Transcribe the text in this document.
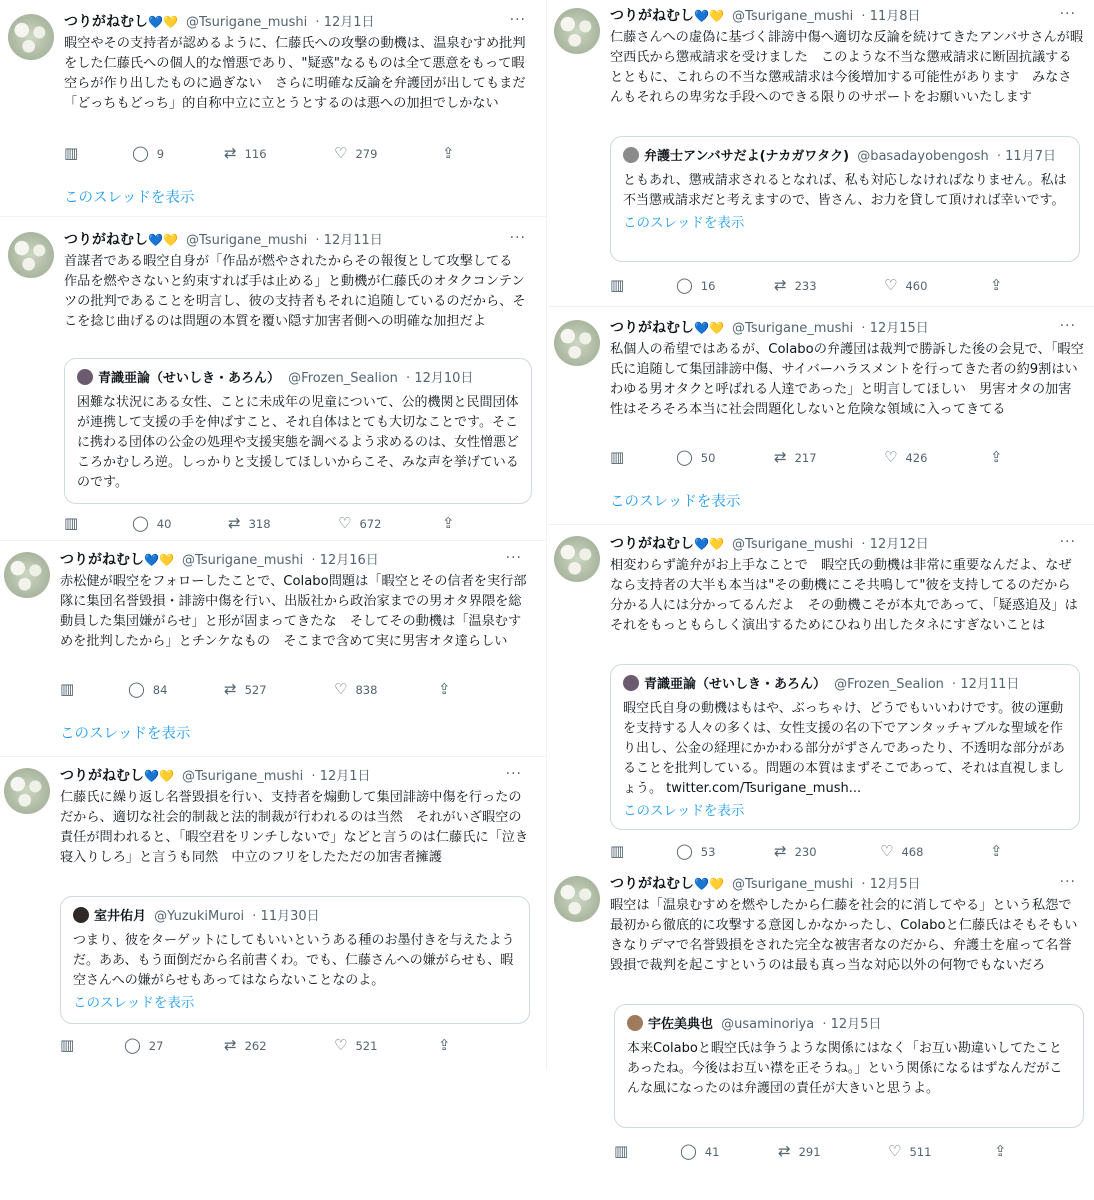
つりがねむし💙💛 @Tsurigane_mushi · 12月1日	···
暇空やその支持者が認めるように、仁藤氏への攻撃の動機は、温泉むすめ批判をした仁藤氏への個人的な憎悪であり、"疑惑"なるものは全て悪意をもって暇空らが作り出したものに過ぎない　さらに明確な反論を弁護団が出してもまだ「どっちもどっち」的自称中立に立とうとするのは悪への加担でしかない
▥	◯ 9	⇄ 116	♡ 279	⇪
このスレッドを表示
つりがねむし💙💛 @Tsurigane_mushi · 12月11日	···
首謀者である暇空自身が「作品が燃やされたからその報復として攻撃してる　作品を燃やさないと約束すれば手は止める」と動機が仁藤氏のオタクコンテンツの批判であることを明言し、彼の支持者もそれに追随しているのだから、そこを捻じ曲げるのは問題の本質を覆い隠す加害者側への明確な加担だよ
青識亜論（せいしき・あろん） @Frozen_Sealion · 12月10日
困難な状況にある女性、ことに未成年の児童について、公的機関と民間団体が連携して支援の手を伸ばすこと、それ自体はとても大切なことです。そこに携わる団体の公金の処理や支援実態を調べるよう求めるのは、女性憎悪どころかむしろ逆。しっかりと支援してほしいからこそ、みな声を挙げているのです。
▥	◯ 40	⇄ 318	♡ 672	⇪
つりがねむし💙💛 @Tsurigane_mushi · 12月16日	···
赤松健が暇空をフォローしたことで、Colabo問題は「暇空とその信者を実行部隊に集団名誉毀損・誹謗中傷を行い、出版社から政治家までの男オタ界隈を総動員した集団嫌がらせ」と形が固まってきたな　そしてその動機は「温泉むすめを批判したから」とチンケなもの　そこまで含めて実に男害オタ達らしい
▥	◯ 84	⇄ 527	♡ 838	⇪
このスレッドを表示
つりがねむし💙💛 @Tsurigane_mushi · 12月1日	···
仁藤氏に繰り返し名誉毀損を行い、支持者を煽動して集団誹謗中傷を行ったのだから、適切な社会的制裁と法的制裁が行われるのは当然　それがいざ暇空の責任が問われると、「暇空君をリンチしないで」などと言うのは仁藤氏に「泣き寝入りしろ」と言うも同然　中立のフリをしたただの加害者擁護
室井佑月 @YuzukiMuroi · 11月30日
つまり、彼をターゲットにしてもいいというある種のお墨付きを与えたようだ。ああ、もう面倒だから名前書くわ。でも、仁藤さんへの嫌がらせも、暇空さんへの嫌がらせもあってはならないことなのよ。
このスレッドを表示
▥	◯ 27	⇄ 262	♡ 521	⇪
つりがねむし💙💛 @Tsurigane_mushi · 11月8日	···
仁藤さんへの虚偽に基づく誹謗中傷へ適切な反論を続けてきたアンバサさんが暇空西氏から懲戒請求を受けました　このような不当な懲戒請求に断固抗議するとともに、これらの不当な懲戒請求は今後増加する可能性があります　みなさんもそれらの卑劣な手段へのできる限りのサポートをお願いいたします
弁護士アンバサだよ(ナカガワタク) @basadayobengosh · 11月7日
ともあれ、懲戒請求されるとなれば、私も対応しなければなりません。私は不当懲戒請求だと考えますので、皆さん、お力を貸して頂ければ幸いです。
このスレッドを表示
▥	◯ 16	⇄ 233	♡ 460	⇪
つりがねむし💙💛 @Tsurigane_mushi · 12月15日	···
私個人の希望ではあるが、Colaboの弁護団は裁判で勝訴した後の会見で、「暇空氏に追随して集団誹謗中傷、サイバーハラスメントを行ってきた者の約9割はいわゆる男オタクと呼ばれる人達であった」と明言してほしい　男害オタの加害性はそろそろ本当に社会問題化しないと危険な領域に入ってきてる
▥	◯ 50	⇄ 217	♡ 426	⇪
このスレッドを表示
つりがねむし💙💛 @Tsurigane_mushi · 12月12日	···
相変わらず詭弁がお上手なことで　暇空氏の動機は非常に重要なんだよ、なぜなら支持者の大半も本当は"その動機にこそ共鳴して"彼を支持してるのだから　分かる人には分かってるんだよ　その動機こそが本丸であって、「疑惑追及」はそれをもっともらしく演出するためにひねり出したタネにすぎないことは
青識亜論（せいしき・あろん） @Frozen_Sealion · 12月11日
暇空氏自身の動機はもはや、ぶっちゃけ、どうでもいいわけです。彼の運動を支持する人々の多くは、女性支援の名の下でアンタッチャブルな聖域を作り出し、公金の経理にかかわる部分がずさんであったり、不透明な部分があることを批判している。問題の本質はまずそこであって、それは直視しましょう。 twitter.com/Tsurigane_mush...
このスレッドを表示
▥	◯ 53	⇄ 230	♡ 468	⇪
つりがねむし💙💛 @Tsurigane_mushi · 12月5日	···
暇空は「温泉むすめを燃やしたから仁藤を社会的に消してやる」という私怨で最初から徹底的に攻撃する意図しかなかったし、Colaboと仁藤氏はそもそもいきなりデマで名誉毀損をされた完全な被害者なのだから、弁護士を雇って名誉毀損で裁判を起こすというのは最も真っ当な対応以外の何物でもないだろ
宇佐美典也 @usaminoriya · 12月5日
本来Colaboと暇空氏は争うような関係にはなく「お互い勘違いしてたことあったね。今後はお互い襟を正そうね。」という関係になるはずなんだがこんな風になったのは弁護団の責任が大きいと思うよ。
▥	◯ 41	⇄ 291	♡ 511	⇪
